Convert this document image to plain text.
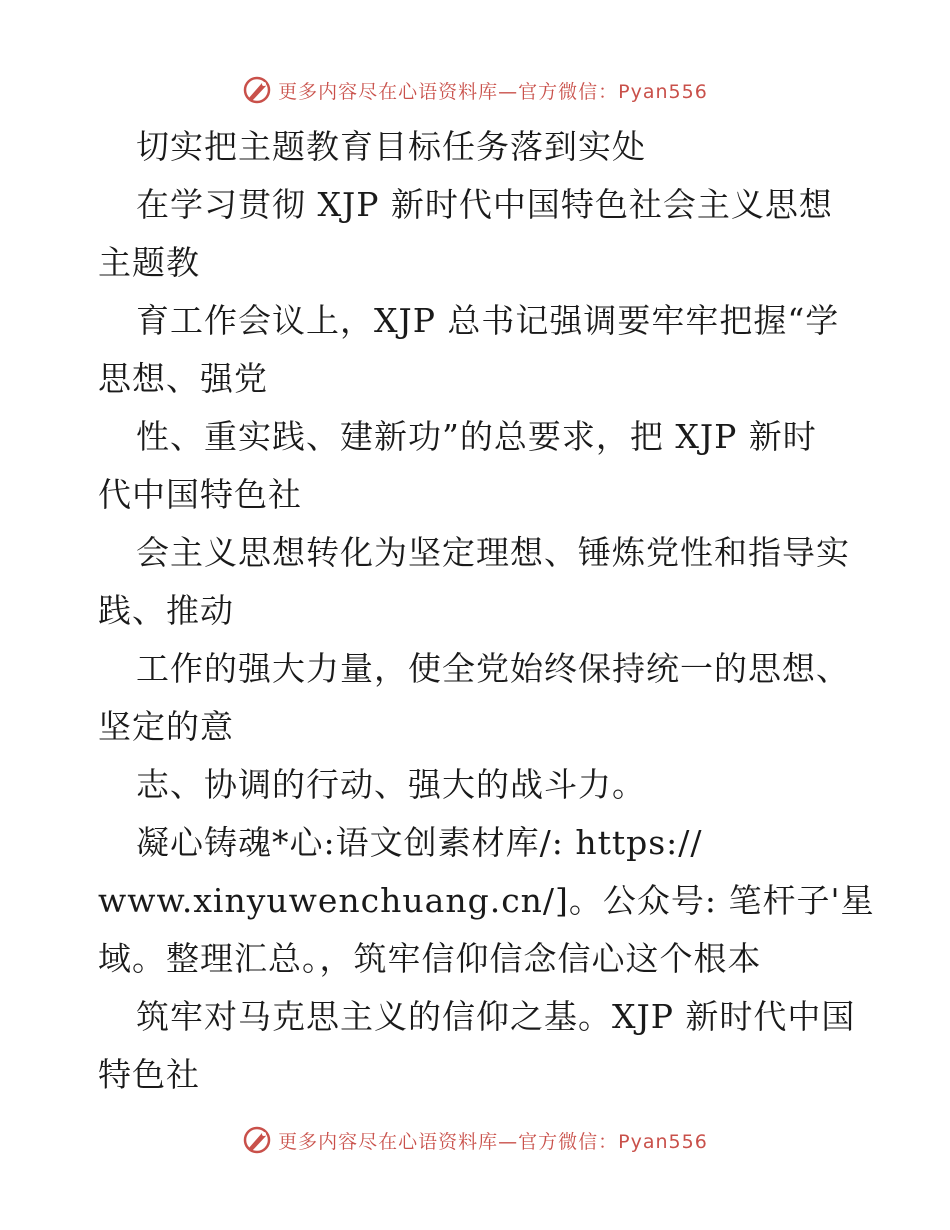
更多内容尽在心语资料库—官方微信：Pyan556
切实把主题教育目标任务落到实处
在学习贯彻 XJP 新时代中国特色社会主义思想
主题教
育工作会议上，XJP 总书记强调要牢牢把握“学
思想、强党
性、重实践、建新功”的总要求，把 XJP 新时
代中国特色社
会主义思想转化为坚定理想、锤炼党性和指导实
践、推动
工作的强大力量，使全党始终保持统一的思想、
坚定的意
志、协调的行动、强大的战斗力。
凝心铸魂*心:语文创素材库/: https://
www.xinyuwenchuang.cn/]。公众号: 笔杆子'星
域。整理汇总。，筑牢信仰信念信心这个根本
筑牢对马克思主义的信仰之基。XJP 新时代中国
特色社
更多内容尽在心语资料库—官方微信：Pyan556
